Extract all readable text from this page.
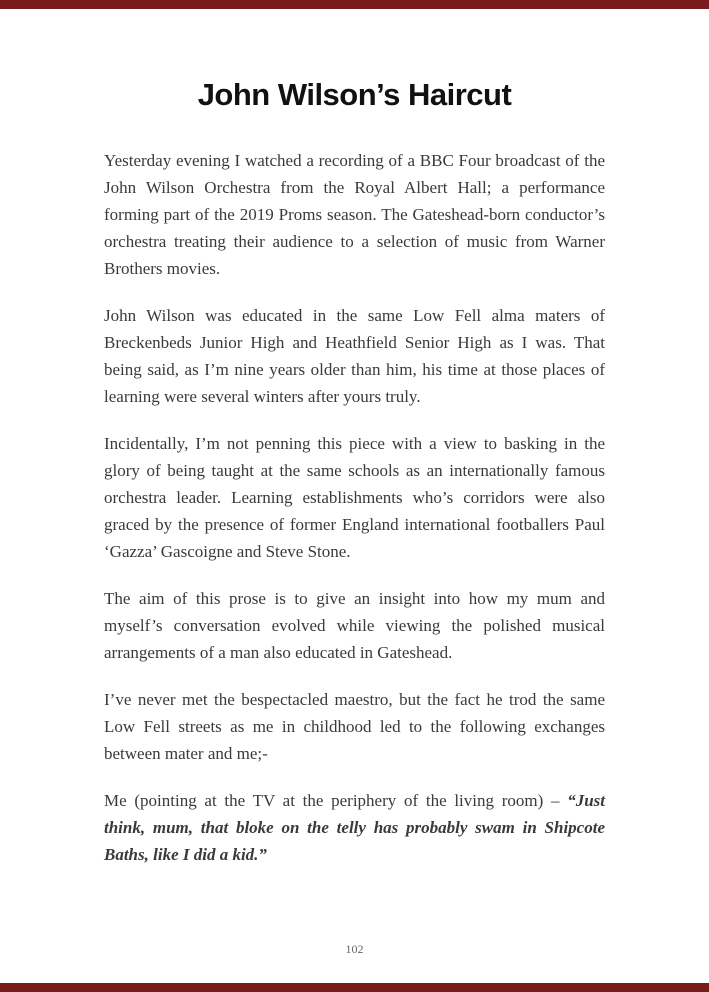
John Wilson’s Haircut

Yesterday evening I watched a recording of a BBC Four broadcast of the John Wilson Orchestra from the Royal Albert Hall; a performance forming part of the 2019 Proms season. The Gateshead-born conductor’s orchestra treating their audience to a selection of music from Warner Brothers movies.

John Wilson was educated in the same Low Fell alma maters of Breckenbeds Junior High and Heathfield Senior High as I was. That being said, as I’m nine years older than him, his time at those places of learning were several winters after yours truly.

Incidentally, I’m not penning this piece with a view to basking in the glory of being taught at the same schools as an internationally famous orchestra leader. Learning establishments who’s corridors were also graced by the presence of former England international footballers Paul ‘Gazza’ Gascoigne and Steve Stone.

The aim of this prose is to give an insight into how my mum and myself’s conversation evolved while viewing the polished musical arrangements of a man also educated in Gateshead.

I’ve never met the bespectacled maestro, but the fact he trod the same Low Fell streets as me in childhood led to the following exchanges between mater and me;-

Me (pointing at the TV at the periphery of the living room) – “Just think, mum, that bloke on the telly has probably swam in Shipcote Baths, like I did a kid.”

102
